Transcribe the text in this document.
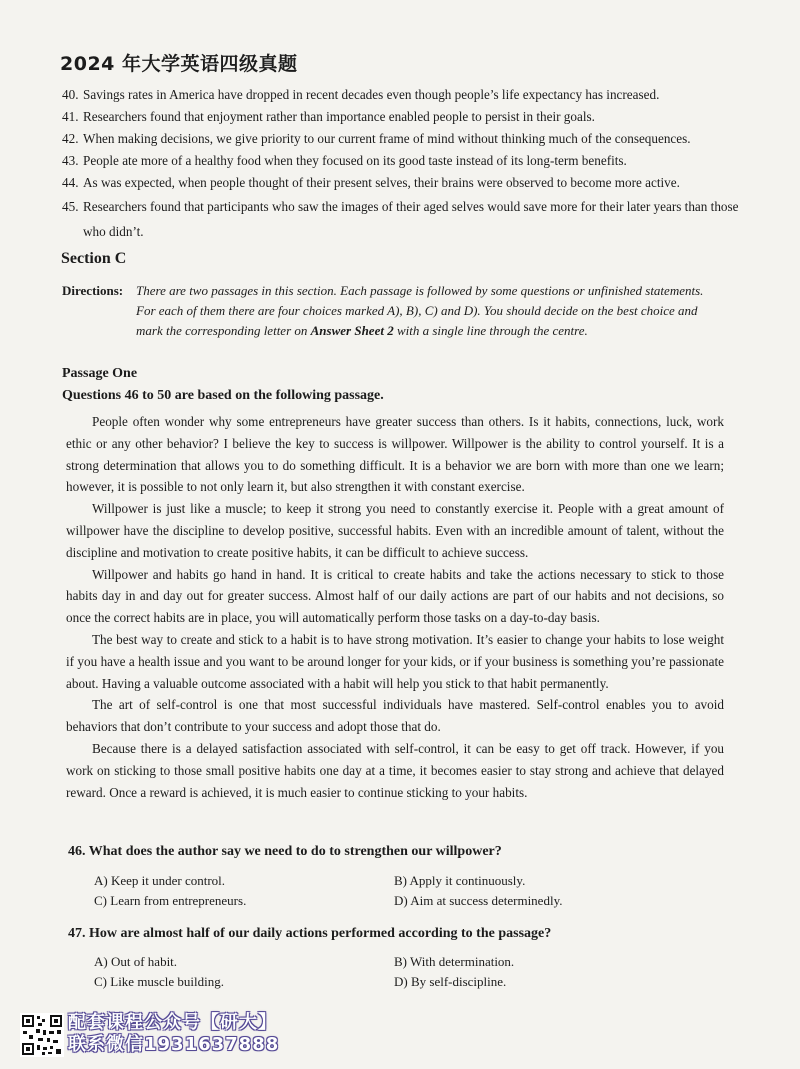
2024 年大学英语四级真题
40. Savings rates in America have dropped in recent decades even though people’s life expectancy has increased.
41. Researchers found that enjoyment rather than importance enabled people to persist in their goals.
42. When making decisions, we give priority to our current frame of mind without thinking much of the consequences.
43. People ate more of a healthy food when they focused on its good taste instead of its long-term benefits.
44. As was expected, when people thought of their present selves, their brains were observed to become more active.
45. Researchers found that participants who saw the images of their aged selves would save more for their later years than those who didn’t.
Section C
Directions: There are two passages in this section. Each passage is followed by some questions or unfinished statements. For each of them there are four choices marked A), B), C) and D). You should decide on the best choice and mark the corresponding letter on Answer Sheet 2 with a single line through the centre.
Passage One
Questions 46 to 50 are based on the following passage.

People often wonder why some entrepreneurs have greater success than others. Is it habits, connections, luck, work ethic or any other behavior? I believe the key to success is willpower. Willpower is the ability to control yourself. It is a strong determination that allows you to do something difficult. It is a behavior we are born with more than one we learn; however, it is possible to not only learn it, but also strengthen it with constant exercise.

Willpower is just like a muscle; to keep it strong you need to constantly exercise it. People with a great amount of willpower have the discipline to develop positive, successful habits. Even with an incredible amount of talent, without the discipline and motivation to create positive habits, it can be difficult to achieve success.

Willpower and habits go hand in hand. It is critical to create habits and take the actions necessary to stick to those habits day in and day out for greater success. Almost half of our daily actions are part of our habits and not decisions, so once the correct habits are in place, you will automatically perform those tasks on a day-to-day basis.

The best way to create and stick to a habit is to have strong motivation. It’s easier to change your habits to lose weight if you have a health issue and you want to be around longer for your kids, or if your business is something you’re passionate about. Having a valuable outcome associated with a habit will help you stick to that habit permanently.

The art of self-control is one that most successful individuals have mastered. Self-control enables you to avoid behaviors that don’t contribute to your success and adopt those that do.

Because there is a delayed satisfaction associated with self-control, it can be easy to get off track. However, if you work on sticking to those small positive habits one day at a time, it becomes easier to stay strong and achieve that delayed reward. Once a reward is achieved, it is much easier to continue sticking to your habits.

46. What does the author say we need to do to strengthen our willpower?
A) Keep it under control.	B) Apply it continuously.
C) Learn from entrepreneurs.	D) Aim at success determinedly.
47. How are almost half of our daily actions performed according to the passage?
A) Out of habit.	B) With determination.
C) Like muscle building.	D) By self-discipline.
配套课程公众号【研大】
联系微信1931637888
